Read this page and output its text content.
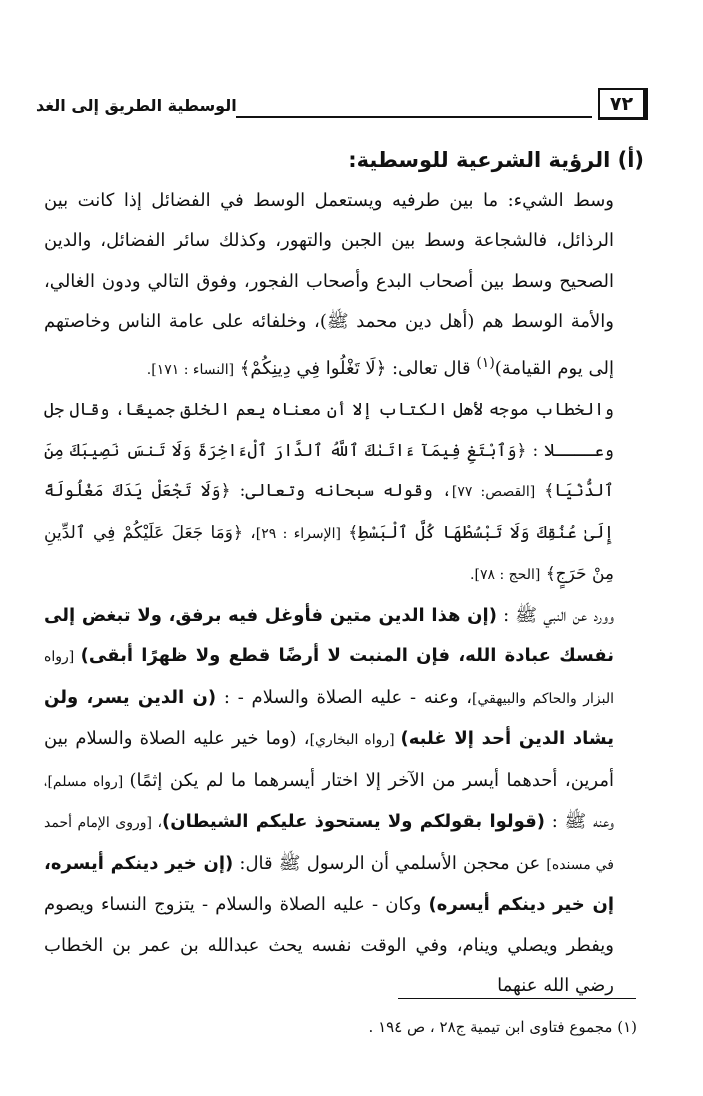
٧٢
الوسطية الطريق إلى الغد

(أ) الرؤية الشرعية للوسطية:

وسط الشيء: ما بين طرفيه ويستعمل الوسط في الفضائل إذا كانت بين الرذائل، فالشجاعة وسط بين الجبن والتهور، وكذلك سائر الفضائل، والدين الصحيح وسط بين أصحاب البدع وأصحاب الفجور، وفوق التالي ودون الغالي، والأمة الوسط هم (أهل دين محمد ﷺ)، وخلفائه على عامة الناس وخاصتهم إلى يوم القيامة)$^{(١)}$ قال تعالى: ﴿لَا تَغْلُوا فِي دِينِكُمْ﴾ [النساء : ١٧١].

والخطاب موجه لأهل الكتاب إلا أن معناه يعم الخلق جميعًا، وقال جل وعــــلا : ﴿وَٱبْتَغِ فِيمَآ ءَاتَىٰكَ ٱللَّهُ ٱلدَّارَ ٱلْءَاخِرَةَ وَلَا تَنسَ نَصِيبَكَ مِنَ ٱلدُّنْيَا﴾ [القصص: ٧٧]، وقوله سبحانه وتعالى: ﴿وَلَا تَجْعَلْ يَدَكَ مَغْلُولَةً إِلَىٰ عُنُقِكَ وَلَا تَبْسُطْهَا كُلَّ ٱلْبَسْطِ﴾ [الإسراء : ٢٩]، ﴿وَمَا جَعَلَ عَلَيْكُمْ فِي ٱلدِّينِ مِنْ حَرَجٍ﴾ [الحج : ٧٨].

وورد عن النبي ﷺ : (إن هذا الدين متين فأوغل فيه برفق، ولا تبغض إلى نفسك عبادة الله، فإن المنبت لا أرضًا قطع ولا ظهرًا أبقى) [رواه البزار والحاكم والبيهقي]، وعنه - عليه الصلاة والسلام - : (ن الدين يسر، ولن يشاد الدين أحد إلا غلبه) [رواه البخاري]، (وما خير عليه الصلاة والسلام بين أمرين، أحدهما أيسر من الآخر إلا اختار أيسرهما ما لم يكن إثمًا) [رواه مسلم]، وعنه ﷺ : (قولوا بقولكم ولا يستحوذ عليكم الشيطان)، [وروى الإمام أحمد في مسنده] عن محجن الأسلمي أن الرسول ﷺ قال: (إن خير دينكم أيسره، إن خير دينكم أيسره) وكان - عليه الصلاة والسلام - يتزوج النساء ويصوم ويفطر ويصلي وينام، وفي الوقت نفسه يحث عبدالله بن عمر بن الخطاب رضي الله عنهما

(١) مجموع فتاوى ابن تيمية ج٢٨ ، ص ١٩٤ .
